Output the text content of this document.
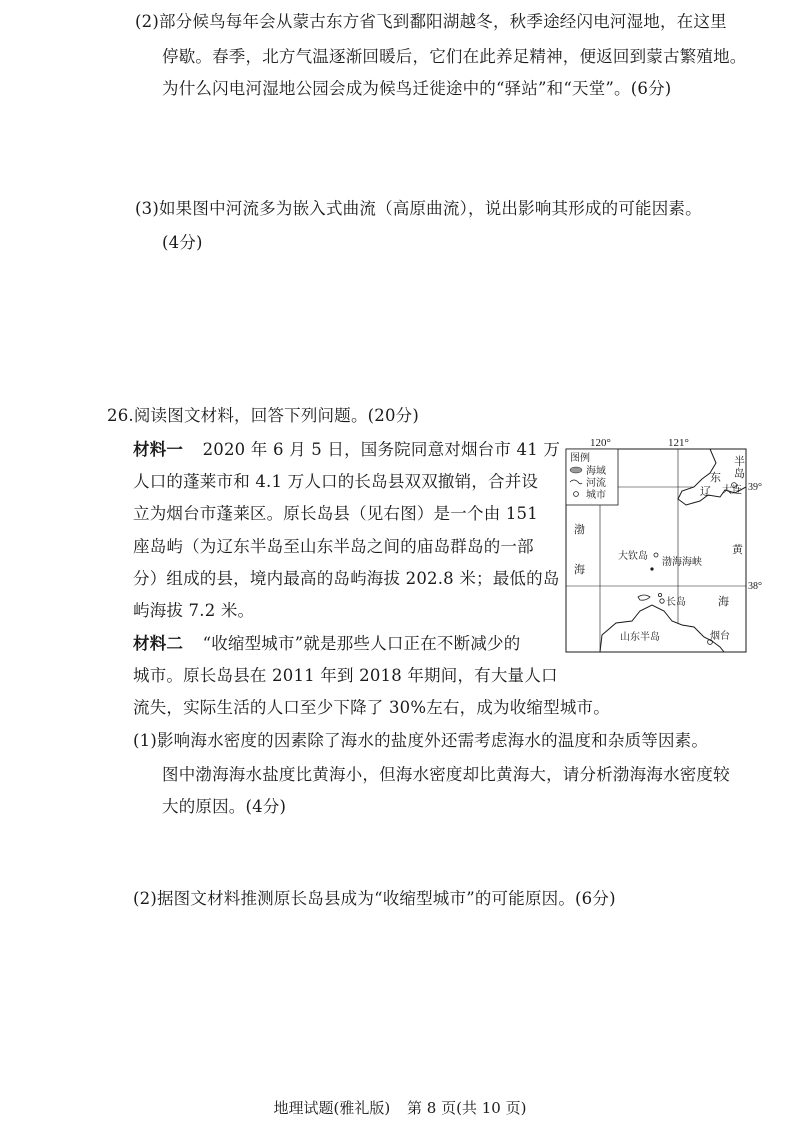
(2)部分候鸟每年会从蒙古东方省飞到鄱阳湖越冬，秋季途经闪电河湿地，在这里
停歇。春季，北方气温逐渐回暖后，它们在此养足精神，便返回到蒙古繁殖地。
为什么闪电河湿地公园会成为候鸟迁徙途中的“驿站”和“天堂”。(6分)
(3)如果图中河流多为嵌入式曲流（高原曲流），说出影响其形成的可能因素。
(4分)
26.阅读图文材料，回答下列问题。(20分)
材料一 2020 年 6 月 5 日，国务院同意对烟台市 41 万
人口的蓬莱市和 4.1 万人口的长岛县双双撤销，合并设
立为烟台市蓬莱区。原长岛县（见右图）是一个由 151
座岛屿（为辽东半岛至山东半岛之间的庙岛群岛的一部
分）组成的县，境内最高的岛屿海拔 202.8 米；最低的岛
屿海拔 7.2 米。
材料二 “收缩型城市”就是那些人口正在不断减少的
城市。原长岛县在 2011 年到 2018 年期间，有大量人口
流失，实际生活的人口至少下降了 30%左右，成为收缩型城市。
(1)影响海水密度的因素除了海水的盐度外还需考虑海水的温度和杂质等因素。
图中渤海海水盐度比黄海小，但海水密度却比黄海大，请分析渤海海水密度较
大的原因。(4分)
(2)据图文材料推测原长岛县成为“收缩型城市”的可能原因。(6分)
120°	121°
39°
38°
图例
海域
河流
城市
半
岛
东
辽 大连
渤
海
黄
海
大钦岛
渤海海峡
长岛
山东半岛	烟台
地理试题(雅礼版) 第 8 页(共 10 页)
